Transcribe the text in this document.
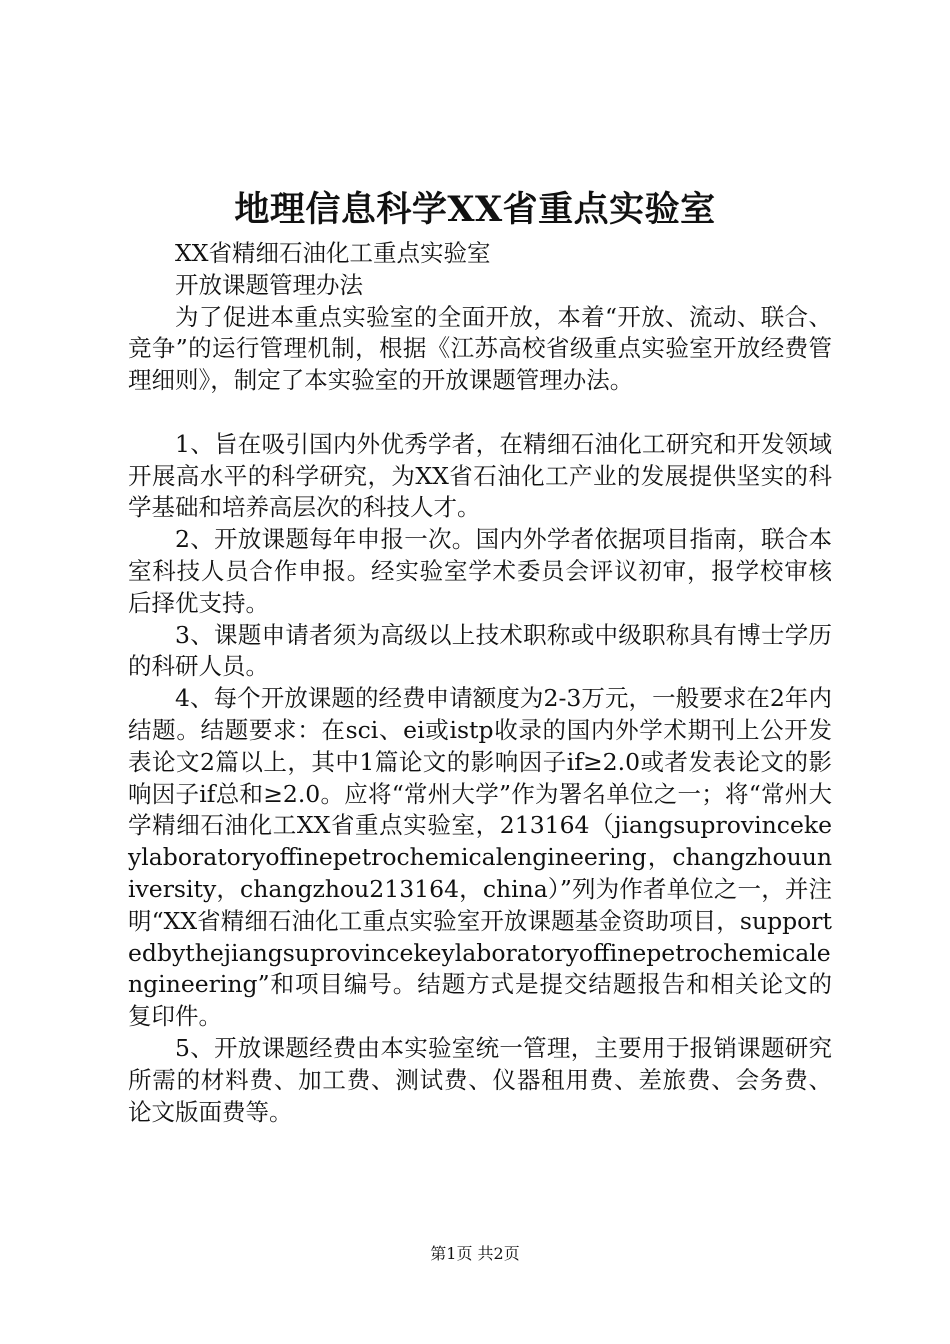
地理信息科学XX省重点实验室

XX省精细石油化工重点实验室

开放课题管理办法

为了促进本重点实验室的全面开放，本着“开放、流动、联合、竞争”的运行管理机制，根据《江苏高校省级重点实验室开放经费管理细则》，制定了本实验室的开放课题管理办法。

1、旨在吸引国内外优秀学者，在精细石油化工研究和开发领域开展高水平的科学研究，为XX省石油化工产业的发展提供坚实的科学基础和培养高层次的科技人才。

2、开放课题每年申报一次。国内外学者依据项目指南，联合本室科技人员合作申报。经实验室学术委员会评议初审，报学校审核后择优支持。

3、课题申请者须为高级以上技术职称或中级职称具有博士学历的科研人员。

4、每个开放课题的经费申请额度为2-3万元，一般要求在2年内结题。结题要求：在sci、ei或istp收录的国内外学术期刊上公开发表论文2篇以上，其中1篇论文的影响因子if≥2.0或者发表论文的影响因子if总和≥2.0。应将“常州大学”作为署名单位之一；将“常州大学精细石油化工XX省重点实验室，213164（jiangsuprovincekeylaboratoryoffinepetrochemicalengineering，changzhouuniversity，changzhou213164，china）”列为作者单位之一，并注明“XX省精细石油化工重点实验室开放课题基金资助项目，supportedbythejiangsuprovincekeylaboratoryoffinepetrochemicalengineering”和项目编号。结题方式是提交结题报告和相关论文的复印件。

5、开放课题经费由本实验室统一管理，主要用于报销课题研究所需的材料费、加工费、测试费、仪器租用费、差旅费、会务费、论文版面费等。

第1页 共2页
